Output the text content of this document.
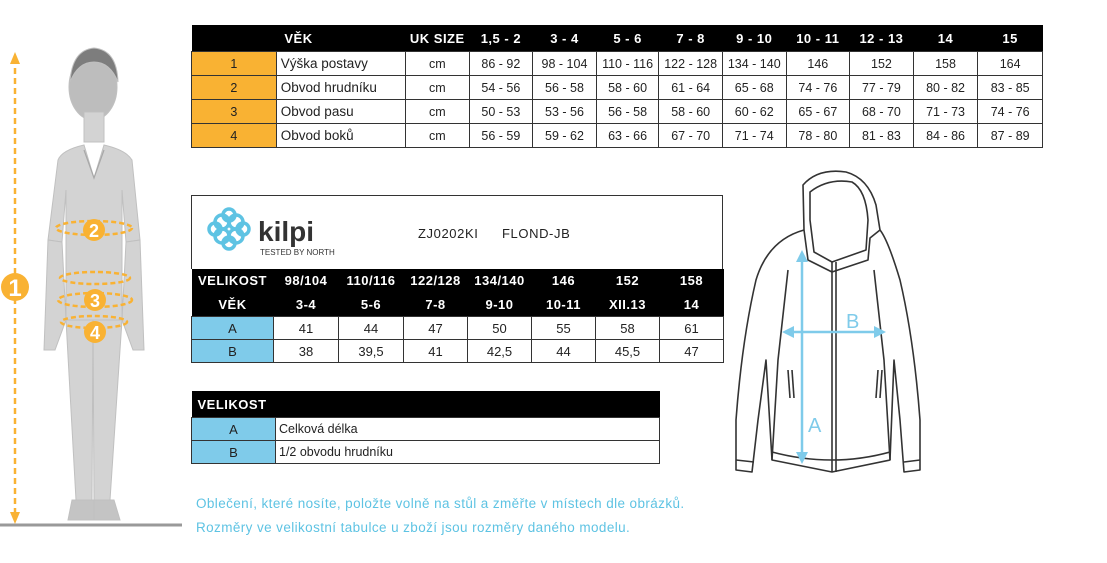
1
2
3
4
VĚK		UK SIZE	1,5 - 2	3 - 4	5 - 6	7 - 8	9 - 10	10 - 11	12 - 13	14	15
1	Výška postavy	cm	86 - 92	98 - 104	110 - 116	122 - 128	134 - 140	146	152	158	164
2	Obvod hrudníku	cm	54 - 56	56 - 58	58 - 60	61 - 64	65 - 68	74 - 76	77 - 79	80 - 82	83 - 85
3	Obvod pasu	cm	50 - 53	53 - 56	56 - 58	58 - 60	60 - 62	65 - 67	68 - 70	71 - 73	74 - 76
4	Obvod boků	cm	56 - 59	59 - 62	63 - 66	67 - 70	71 - 74	78 - 80	81 - 83	84 - 86	87 - 89
kilpi
TESTED BY NORTH
ZJ0202KI FLOND-JB
VELIKOST	98/104	110/116	122/128	134/140	146	152	158
VĚK	3-4	5-6	7-8	9-10	10-11	XII.13	14
A	41	44	47	50	55	58	61
B	38	39,5	41	42,5	44	45,5	47
VELIKOST	
A	Celková délka
B	1/2 obvodu hrudníku
Oblečení, které nosíte, položte volně na stůl a změřte v místech dle obrázků.
Rozměry ve velikostní tabulce u zboží jsou rozměry daného modelu.
A
B
